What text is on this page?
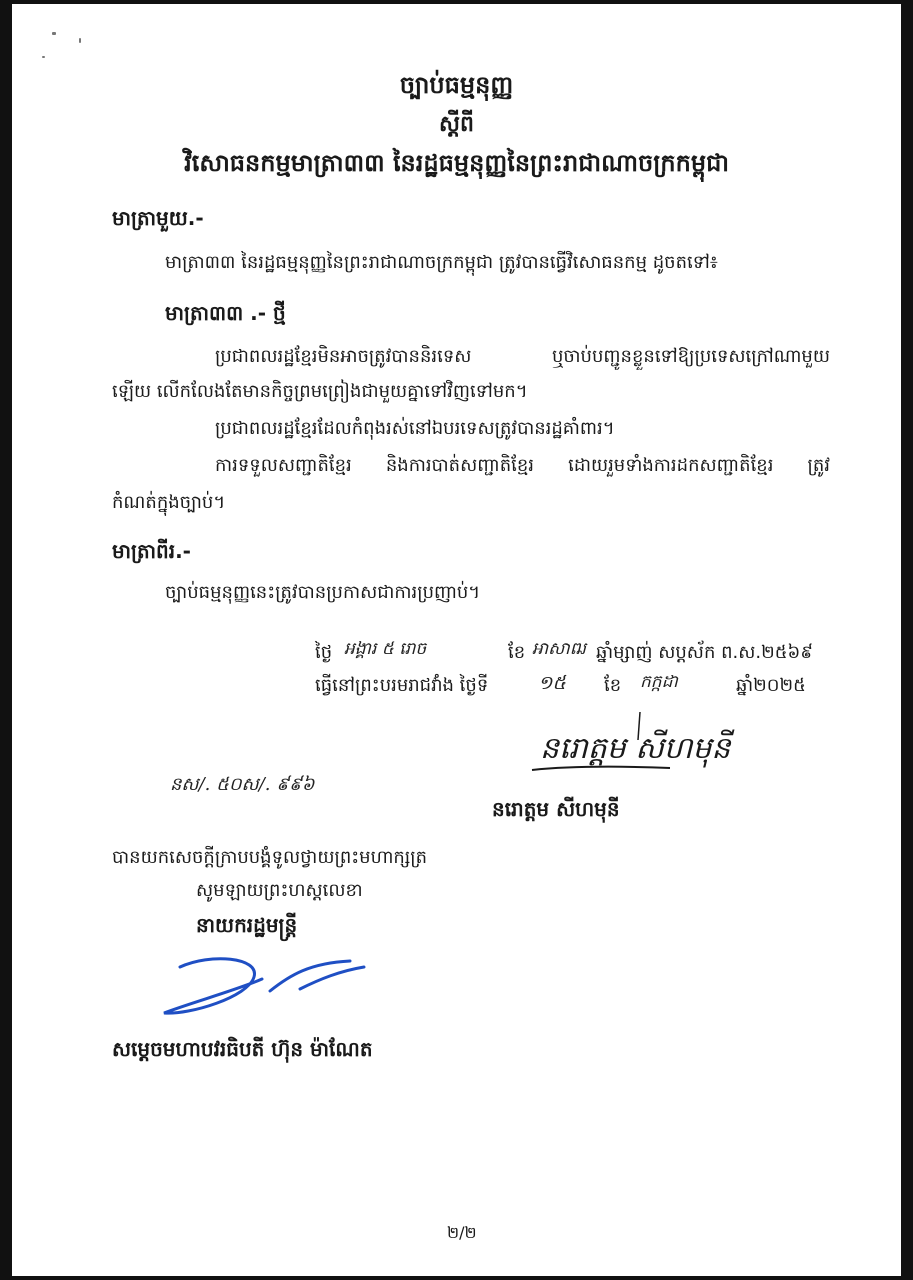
ច្បាប់ធម្មនុញ្ញ
ស្តីពី
វិសោធនកម្មមាត្រា៣៣ នៃរដ្ឋធម្មនុញ្ញនៃព្រះរាជាណាចក្រកម្ពុជា
មាត្រាមួយ.-
មាត្រា៣៣ នៃរដ្ឋធម្មនុញ្ញនៃព្រះរាជាណាចក្រកម្ពុជា ត្រូវបានធ្វើវិសោធនកម្ម ដូចតទៅ៖
មាត្រា៣៣ .- ថ្មី
ប្រជាពលរដ្ឋខ្មែរមិនអាចត្រូវបាននិរទេស ឬចាប់បញ្ជូនខ្លួនទៅឱ្យប្រទេសក្រៅណាមួយ
ឡើយ លើកលែងតែមានកិច្ចព្រមព្រៀងជាមួយគ្នាទៅវិញទៅមក។
ប្រជាពលរដ្ឋខ្មែរដែលកំពុងរស់នៅឯបរទេសត្រូវបានរដ្ឋគាំពារ។
ការទទួលសញ្ជាតិខ្មែរ និងការបាត់សញ្ជាតិខ្មែរ ដោយរួមទាំងការដកសញ្ជាតិខ្មែរ ត្រូវ
កំណត់ក្នុងច្បាប់។
មាត្រាពីរ.-
ច្បាប់ធម្មនុញ្ញនេះត្រូវបានប្រកាសជាការប្រញាប់។
ថ្ងៃ អង្គារ ៥ រោច	ខែ អាសាឍ ឆ្នាំម្សាញ់ សប្តស័ក ព.ស.២៥៦៩
ធ្វើនៅព្រះបរមរាជវាំង ថ្ងៃទី	១៥ ខែ កក្កដា	ឆ្នាំ២០២៥
នរោត្តម សីហមុនី
នរោត្តម សីហមុនី
នស/. ៥០ស/. ៩៩៦
បានយកសេចក្តីក្រាបបង្គំទូលថ្វាយព្រះមហាក្សត្រ
សូមឡាយព្រះហស្តលេខា
នាយករដ្ឋមន្ត្រី
សម្តេចមហាបវរធិបតី ហ៊ុន ម៉ាណែត
២/២
